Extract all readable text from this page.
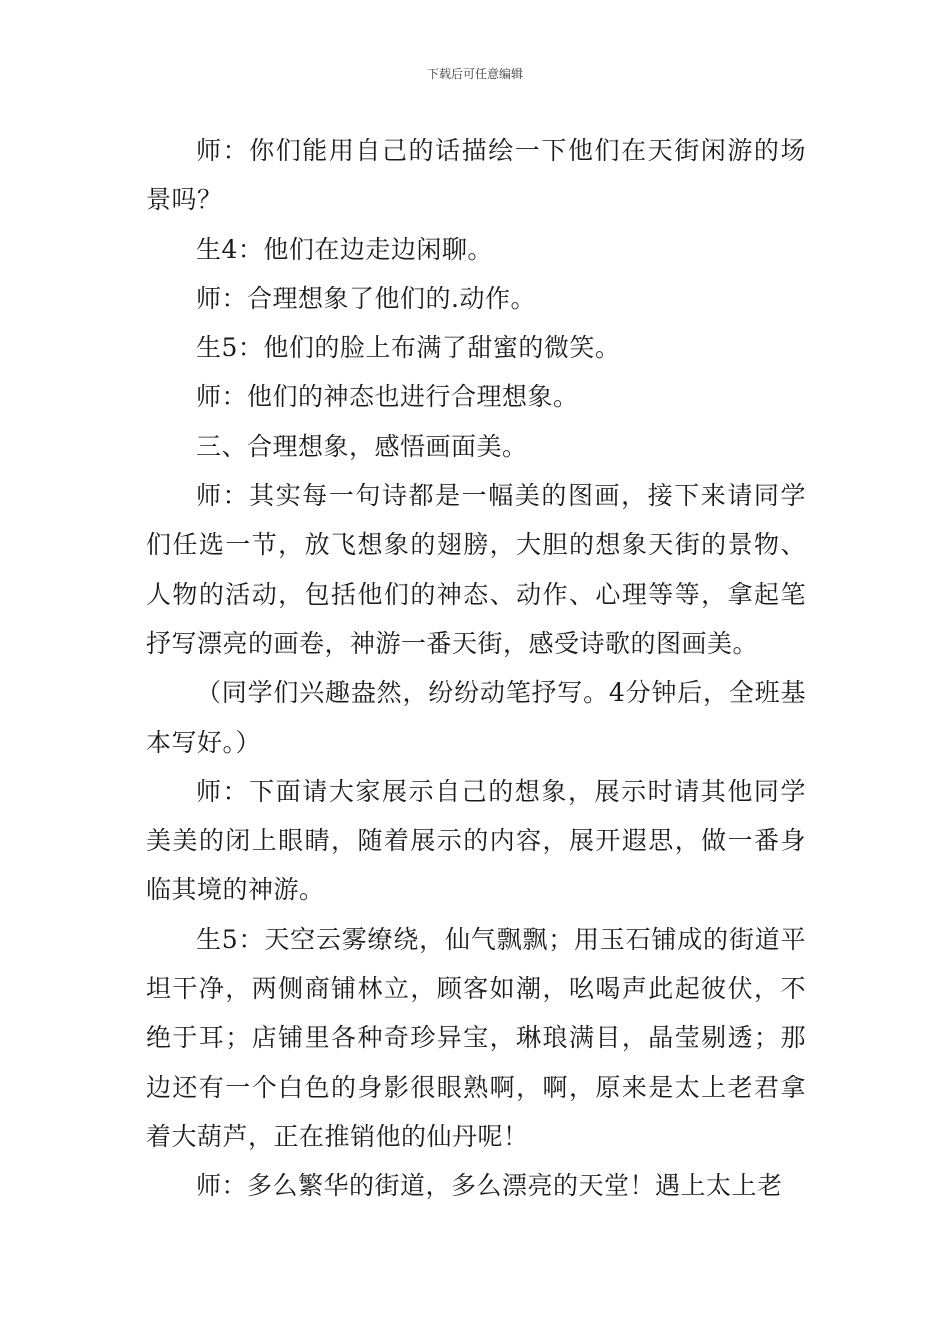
下载后可任意编辑

师：你们能用自己的话描绘一下他们在天街闲游的场景吗？

生4：他们在边走边闲聊。

师：合理想象了他们的.动作。

生5：他们的脸上布满了甜蜜的微笑。

师：他们的神态也进行合理想象。

三、合理想象，感悟画面美。

师：其实每一句诗都是一幅美的图画，接下来请同学们任选一节，放飞想象的翅膀，大胆的想象天街的景物、人物的活动，包括他们的神态、动作、心理等等，拿起笔抒写漂亮的画卷，神游一番天街，感受诗歌的图画美。

（同学们兴趣盎然，纷纷动笔抒写。4分钟后，全班基本写好。）

师：下面请大家展示自己的想象，展示时请其他同学美美的闭上眼睛，随着展示的内容，展开遐思，做一番身临其境的神游。

生5：天空云雾缭绕，仙气飘飘；用玉石铺成的街道平坦干净，两侧商铺林立，顾客如潮，吆喝声此起彼伏，不绝于耳；店铺里各种奇珍异宝，琳琅满目，晶莹剔透；那边还有一个白色的身影很眼熟啊，啊，原来是太上老君拿着大葫芦，正在推销他的仙丹呢！

师：多么繁华的街道，多么漂亮的天堂！遇上太上老
